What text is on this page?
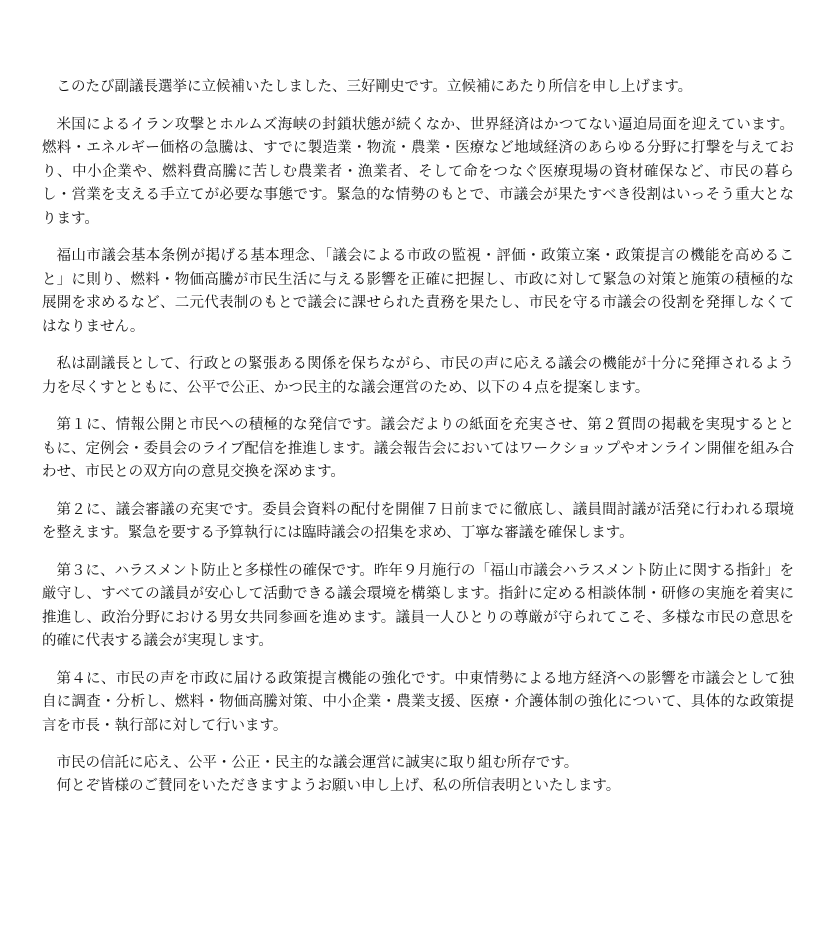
このたび副議長選挙に立候補いたしました、三好剛史です。立候補にあたり所信を申し上げます。

米国によるイラン攻撃とホルムズ海峡の封鎖状態が続くなか、世界経済はかつてない逼迫局面を迎えています。燃料・エネルギー価格の急騰は、すでに製造業・物流・農業・医療など地域経済のあらゆる分野に打撃を与えており、中小企業や、燃料費高騰に苦しむ農業者・漁業者、そして命をつなぐ医療現場の資材確保など、市民の暮らし・営業を支える手立てが必要な事態です。緊急的な情勢のもとで、市議会が果たすべき役割はいっそう重大となります。

福山市議会基本条例が掲げる基本理念、「議会による市政の監視・評価・政策立案・政策提言の機能を高めること」に則り、燃料・物価高騰が市民生活に与える影響を正確に把握し、市政に対して緊急の対策と施策の積極的な展開を求めるなど、二元代表制のもとで議会に課せられた責務を果たし、市民を守る市議会の役割を発揮しなくてはなりません。

私は副議長として、行政との緊張ある関係を保ちながら、市民の声に応える議会の機能が十分に発揮されるよう力を尽くすとともに、公平で公正、かつ民主的な議会運営のため、以下の４点を提案します。

第１に、情報公開と市民への積極的な発信です。議会だよりの紙面を充実させ、第２質問の掲載を実現するとともに、定例会・委員会のライブ配信を推進します。議会報告会においてはワークショップやオンライン開催を組み合わせ、市民との双方向の意見交換を深めます。

第２に、議会審議の充実です。委員会資料の配付を開催７日前までに徹底し、議員間討議が活発に行われる環境を整えます。緊急を要する予算執行には臨時議会の招集を求め、丁寧な審議を確保します。

第３に、ハラスメント防止と多様性の確保です。昨年９月施行の「福山市議会ハラスメント防止に関する指針」を厳守し、すべての議員が安心して活動できる議会環境を構築します。指針に定める相談体制・研修の実施を着実に推進し、政治分野における男女共同参画を進めます。議員一人ひとりの尊厳が守られてこそ、多様な市民の意思を的確に代表する議会が実現します。

第４に、市民の声を市政に届ける政策提言機能の強化です。中東情勢による地方経済への影響を市議会として独自に調査・分析し、燃料・物価高騰対策、中小企業・農業支援、医療・介護体制の強化について、具体的な政策提言を市長・執行部に対して行います。

市民の信託に応え、公平・公正・民主的な議会運営に誠実に取り組む所存です。

何とぞ皆様のご賛同をいただきますようお願い申し上げ、私の所信表明といたします。
